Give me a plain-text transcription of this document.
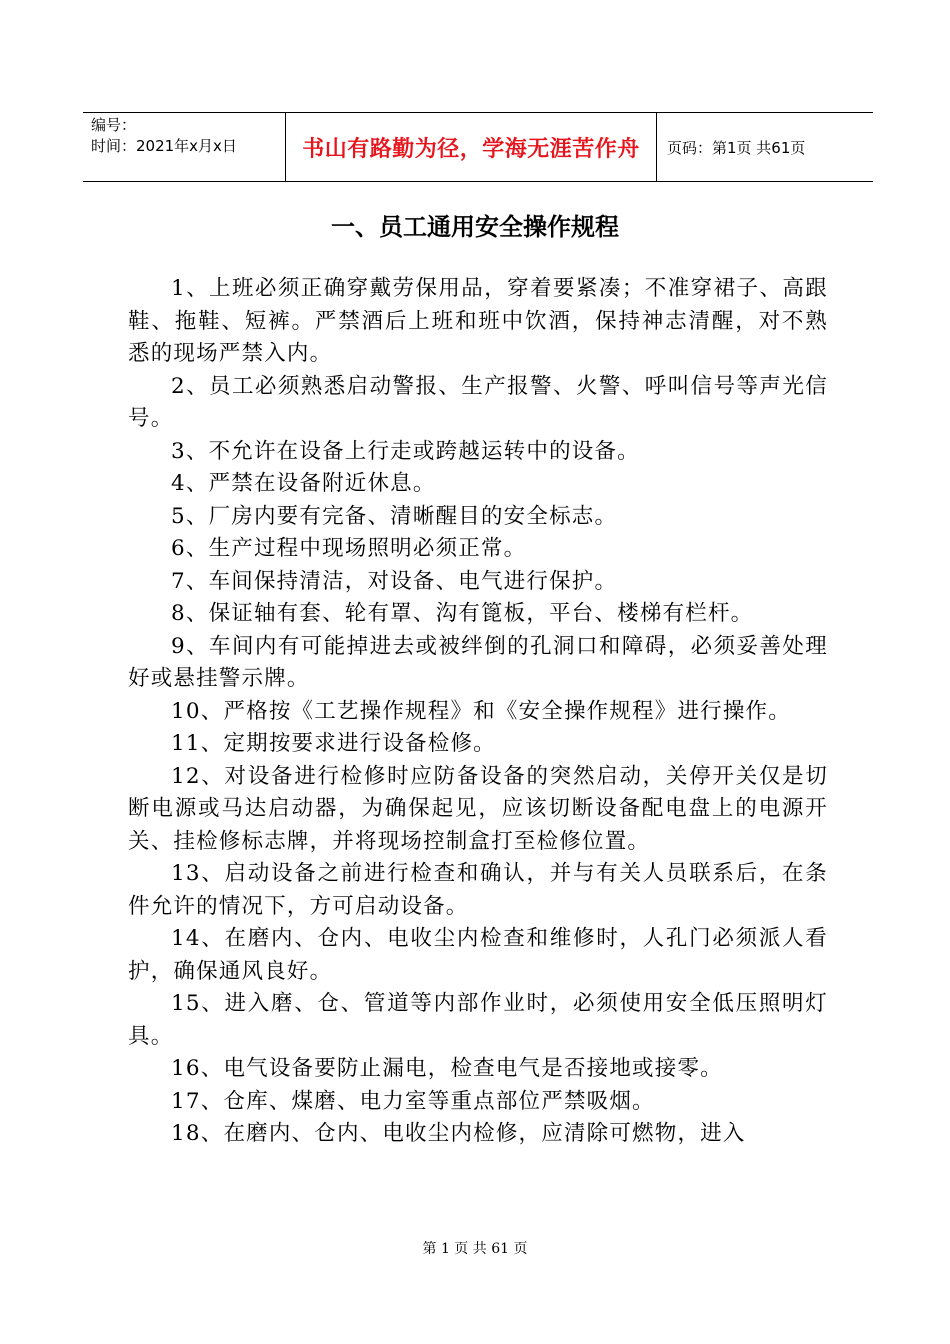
编号：
时间：2021年x月x日	书山有路勤为径，学海无涯苦作舟 页码：第1页 共61页
一、员工通用安全操作规程

1、上班必须正确穿戴劳保用品，穿着要紧凑；不准穿裙子、高跟鞋、拖鞋、短裤。严禁酒后上班和班中饮酒，保持神志清醒，对不熟悉的现场严禁入内。

2、员工必须熟悉启动警报、生产报警、火警、呼叫信号等声光信号。

3、不允许在设备上行走或跨越运转中的设备。

4、严禁在设备附近休息。

5、厂房内要有完备、清晰醒目的安全标志。

6、生产过程中现场照明必须正常。

7、车间保持清洁，对设备、电气进行保护。

8、保证轴有套、轮有罩、沟有篦板，平台、楼梯有栏杆。

9、车间内有可能掉进去或被绊倒的孔洞口和障碍，必须妥善处理好或悬挂警示牌。

10、严格按《工艺操作规程》和《安全操作规程》进行操作。

11、定期按要求进行设备检修。

12、对设备进行检修时应防备设备的突然启动，关停开关仅是切断电源或马达启动器，为确保起见，应该切断设备配电盘上的电源开关、挂检修标志牌，并将现场控制盒打至检修位置。

13、启动设备之前进行检查和确认，并与有关人员联系后，在条件允许的情况下，方可启动设备。

14、在磨内、仓内、电收尘内检查和维修时，人孔门必须派人看护，确保通风良好。

15、进入磨、仓、管道等内部作业时，必须使用安全低压照明灯具。

16、电气设备要防止漏电，检查电气是否接地或接零。

17、仓库、煤磨、电力室等重点部位严禁吸烟。

18、在磨内、仓内、电收尘内检修，应清除可燃物，进入

第 1 页 共 61 页
